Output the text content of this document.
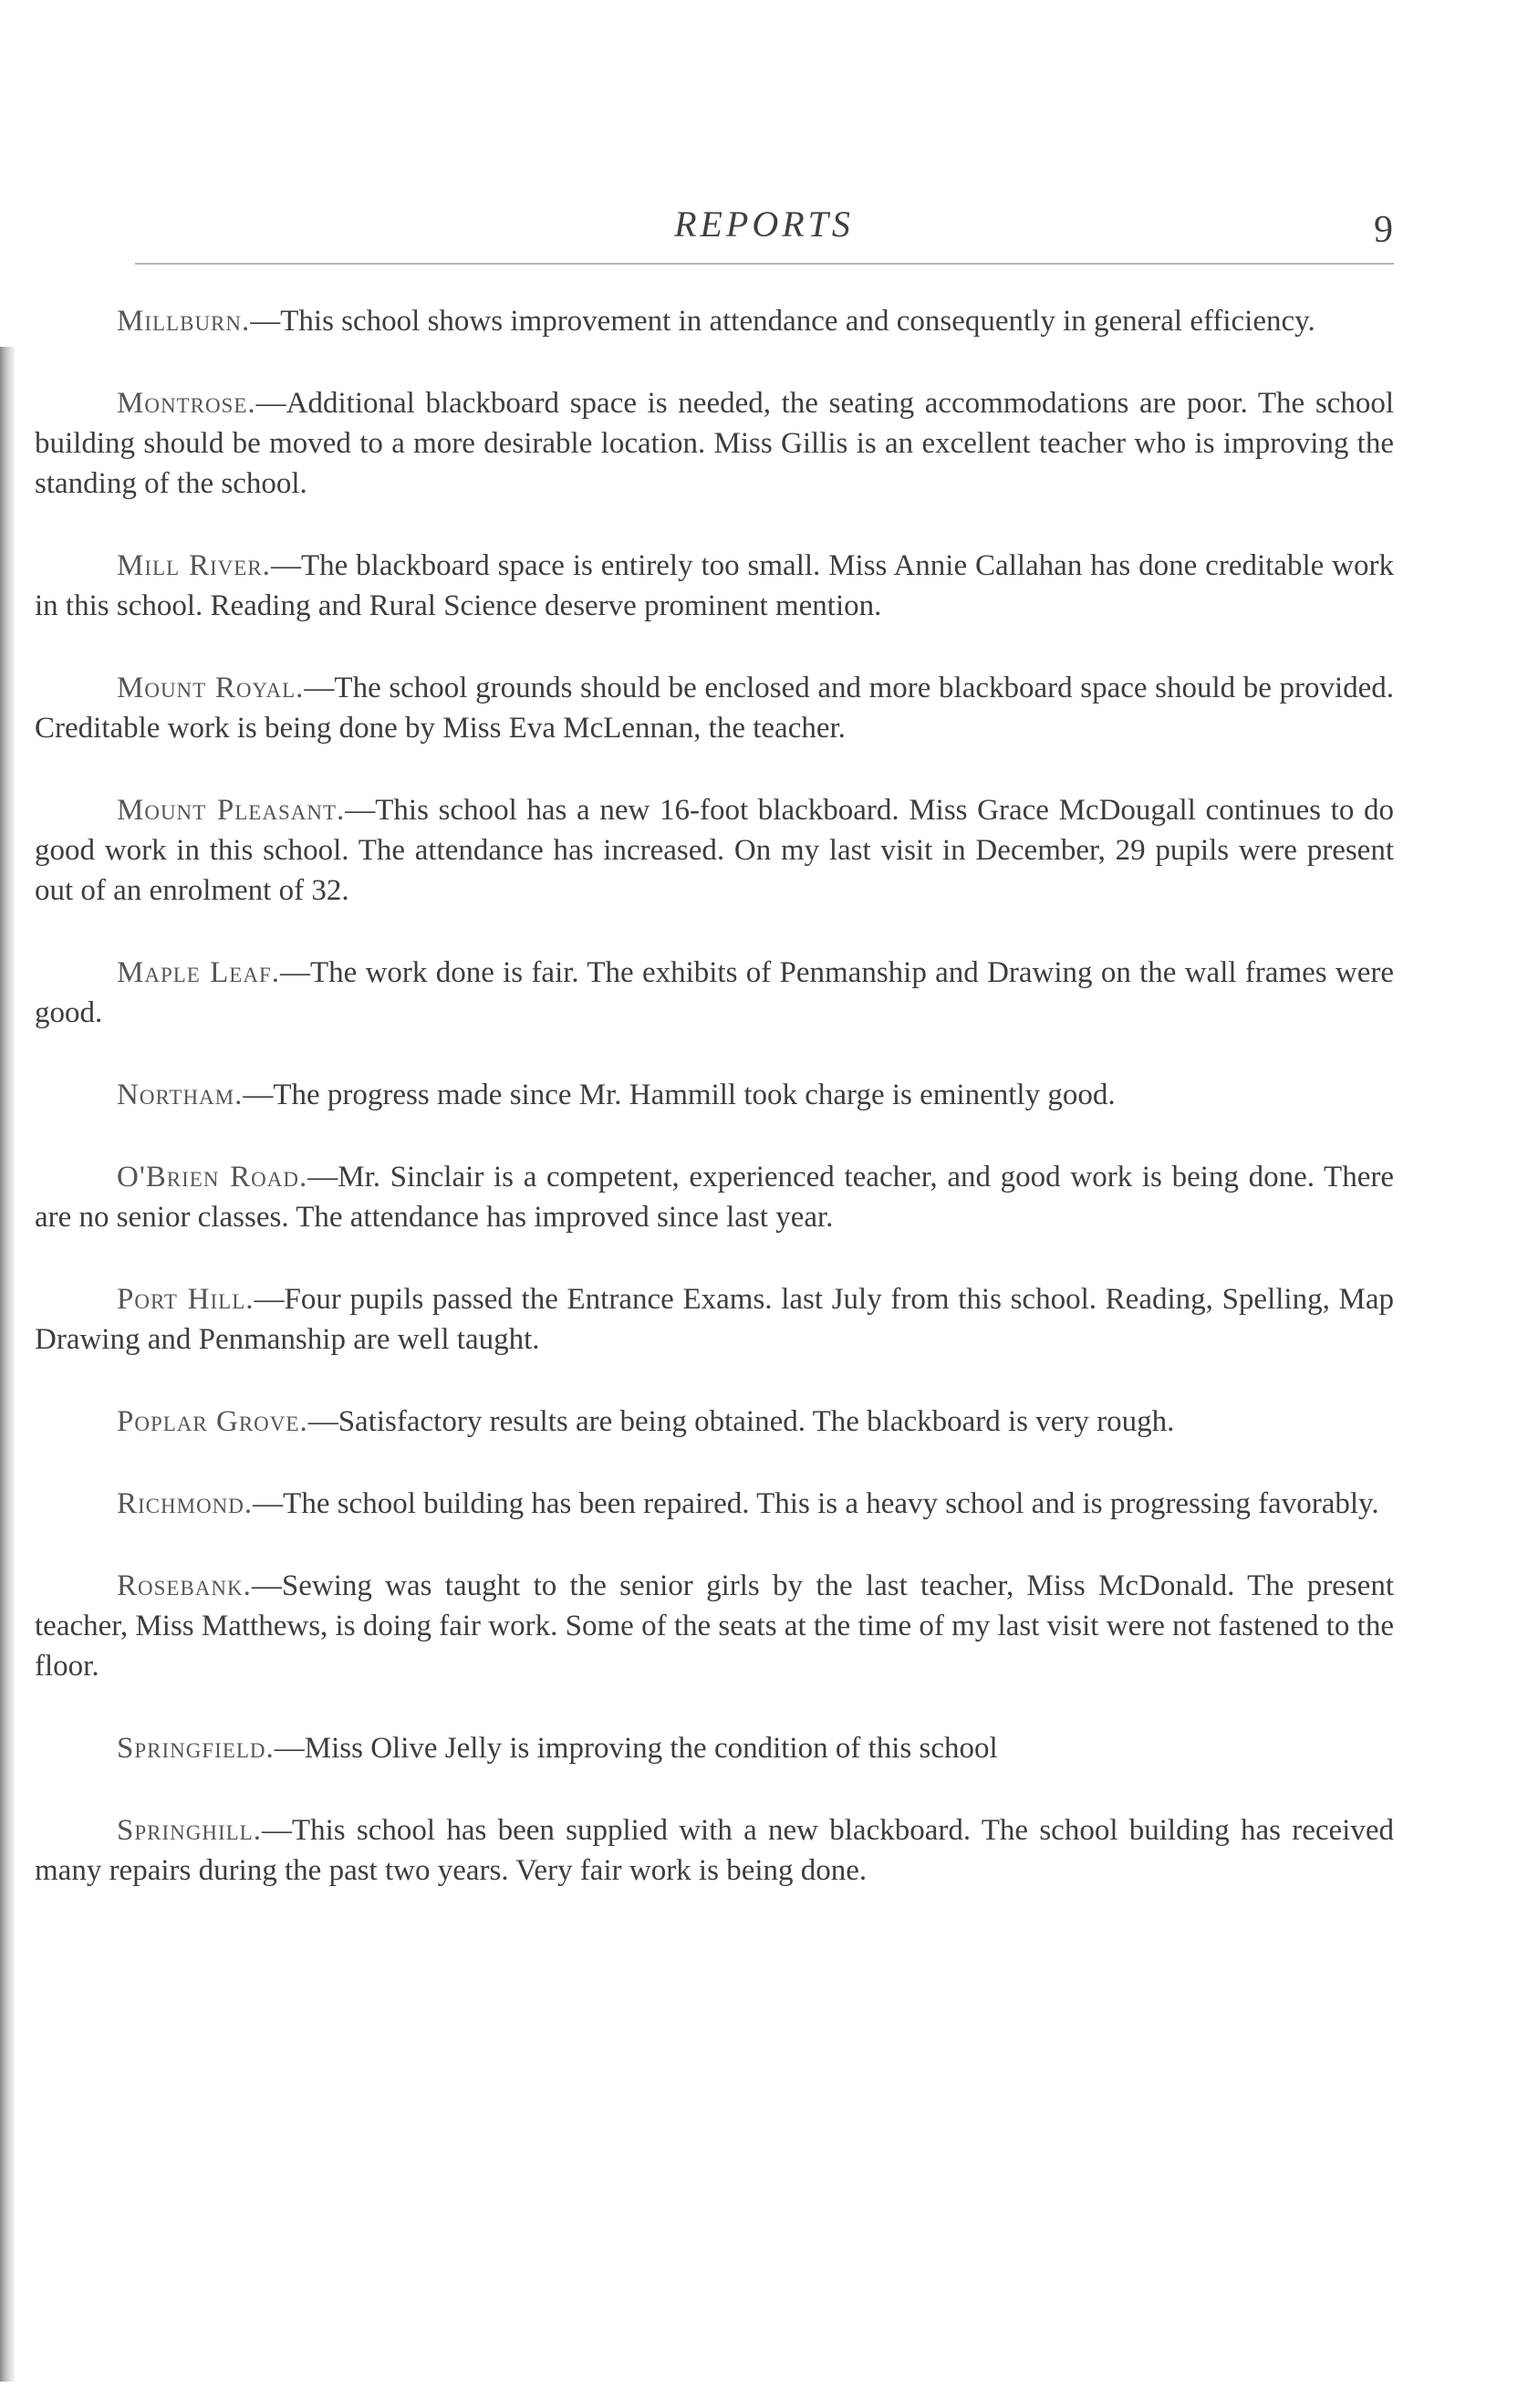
REPORTS	9

Millburn.—This school shows improvement in attendance and consequently in general efficiency.

Montrose.—Additional blackboard space is needed, the seating accommodations are poor. The school building should be moved to a more desirable location. Miss Gillis is an excellent teacher who is improving the standing of the school.

Mill River.—The blackboard space is entirely too small. Miss Annie Callahan has done creditable work in this school. Reading and Rural Science deserve prominent mention.

Mount Royal.—The school grounds should be enclosed and more blackboard space should be provided. Creditable work is being done by Miss Eva McLennan, the teacher.

Mount Pleasant.—This school has a new 16-foot blackboard. Miss Grace McDougall continues to do good work in this school. The attendance has increased. On my last visit in December, 29 pupils were present out of an enrolment of 32.

Maple Leaf.—The work done is fair. The exhibits of Penmanship and Drawing on the wall frames were good.

Northam.—The progress made since Mr. Hammill took charge is eminently good.

O'Brien Road.—Mr. Sinclair is a competent, experienced teacher, and good work is being done. There are no senior classes. The attendance has improved since last year.

Port Hill.—Four pupils passed the Entrance Exams. last July from this school. Reading, Spelling, Map Drawing and Penmanship are well taught.

Poplar Grove.—Satisfactory results are being obtained. The blackboard is very rough.

Richmond.—The school building has been repaired. This is a heavy school and is progressing favorably.

Rosebank.—Sewing was taught to the senior girls by the last teacher, Miss McDonald. The present teacher, Miss Matthews, is doing fair work. Some of the seats at the time of my last visit were not fastened to the floor.

Springfield.—Miss Olive Jelly is improving the condition of this school

Springhill.—This school has been supplied with a new blackboard. The school building has received many repairs during the past two years. Very fair work is being done.
